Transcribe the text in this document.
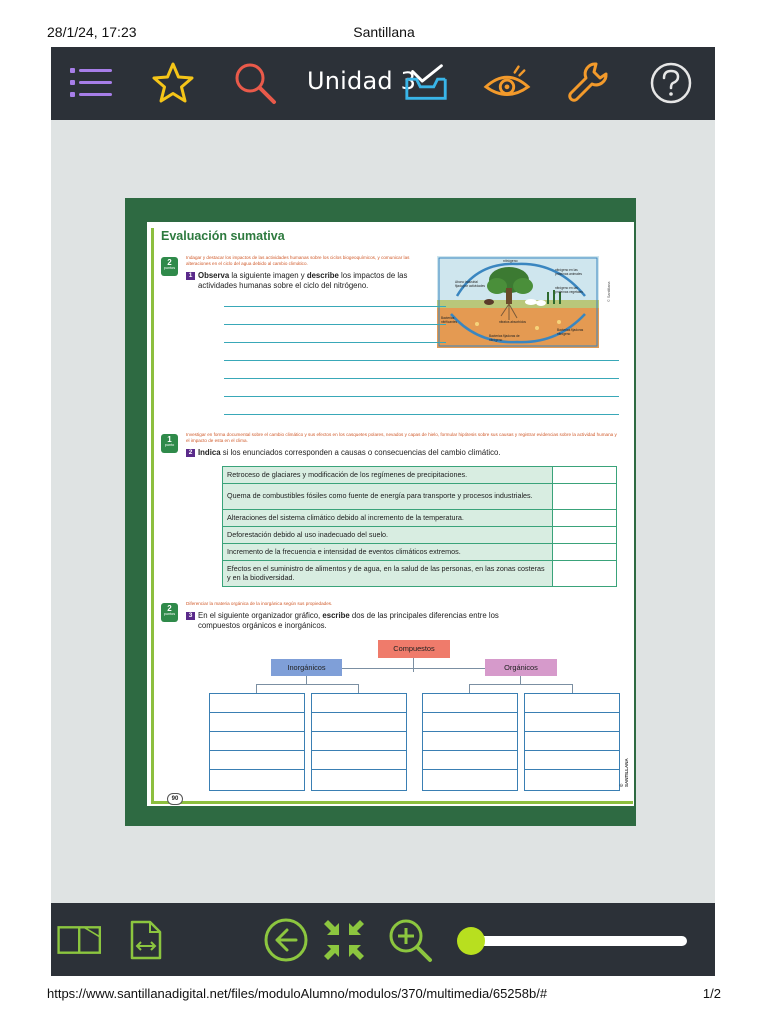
28/1/24, 17:23	Santillana
Unidad 3
Evaluación sumativa
2
puntos
Indagar y destacar los impactos de las actividades humanas sobre los ciclos biogeoquímicos, y comunicar las alteraciones en el ciclo del agua debido al cambio climático.
1 Observa la siguiente imagen y describe los impactos de las actividades humanas sobre el ciclo del nitrógeno.
nitrógeno
Abono industrial fijado por actividades
nitrógeno en las proteínas animales
nitrógeno en las proteínas vegetales
Bacterias nitrificantes
Bacterias fijadoras de nitrógeno
nitratos absorbidos
Bacterias fijadoras nitrógeno
© Santillana
1
punto
Investigar en forma documental sobre el cambio climático y sus efectos en los casquetes polares, nevados y capas de hielo, formular hipótesis sobre sus causas y registrar evidencias sobre la actividad humana y el impacto de esta en el clima.
2 Indica si los enunciados corresponden a causas o consecuencias del cambio climático.
Retroceso de glaciares y modificación de los regímenes de precipitaciones.	
Quema de combustibles fósiles como fuente de energía para transporte y procesos industriales.	
Alteraciones del sistema climático debido al incremento de la temperatura.	
Deforestación debido al uso inadecuado del suelo.	
Incremento de la frecuencia e intensidad de eventos climáticos extremos.	
Efectos en el suministro de alimentos y de agua, en la salud de las personas, en las zonas costeras y en la biodiversidad.	
2
puntos
Diferenciar la materia orgánica de la inorgánica según sus propiedades.
3 En el siguiente organizador gráfico, escribe dos de las principales diferencias entre los compuestos orgánicos e inorgánicos.
Compuestos
Inorgánicos	Orgánicos
90
© SANTILLANA
https://www.santillanadigital.net/files/moduloAlumno/modulos/370/multimedia/65258b/#	1/2
